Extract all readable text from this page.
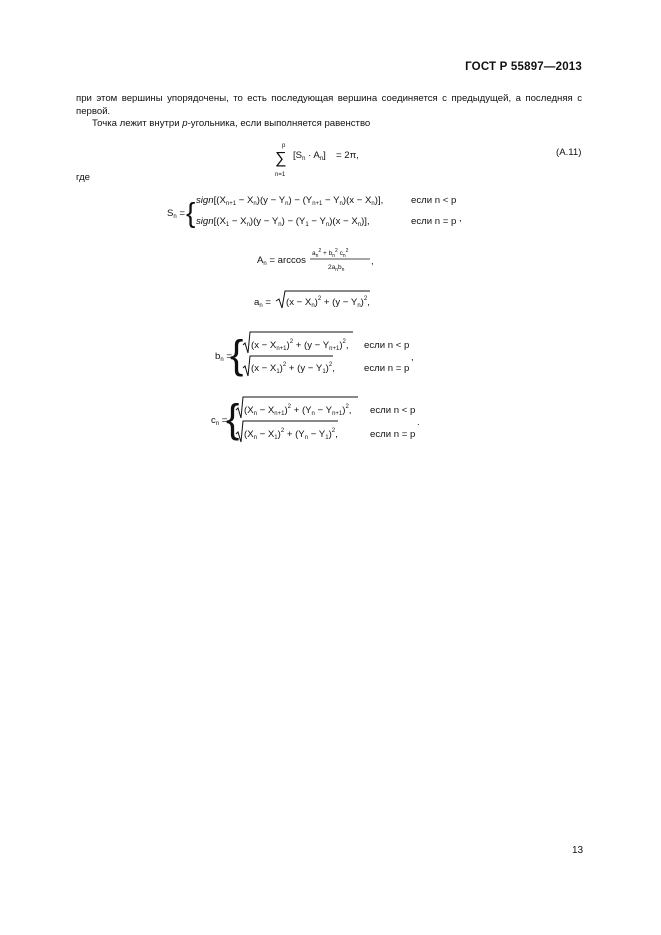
ГОСТ Р 55897—2013
при этом вершины упорядочены, то есть последующая вершина соединяется с предыдущей, а последняя с первой.
Точка лежит внутри p-угольника, если выполняется равенство
(А.11)
где
p
∑
n=1
$[S_n \cdot A_n] = 2\pi$,
$S_n$ = { $sign[(X_{n+1} - X_n)(y - Y_n) - (Y_{n+1} - Y_n)(x - X_n)]$,
$sign[(X_1 - X_n)(y - Y_n) - (Y_1 - Y_n)(x - X_n)]$,
если n < p
если n = p ,
$A_n = \arccos$
$a_n^2 + b_n^2$ $c_n^2$
$2a_nb_n$
,
$a_n = (x - X_n)^2 + (y - Y_n)^2$,
$b_n$ =
{ $(x - X_{n+1})^2 + (y - Y_{n+1})^2$,
$(x - X_1)^2 + (y - Y_1)^2$,
если n < p
если n = p
,
$c_n$ =
{ $(X_n - X_{n+1})^2 + (Y_n - Y_{n+1})^2$,
$(X_n - X_1)^2 + (Y_n - Y_1)^2$,
если n < p
если n = p
.
13
